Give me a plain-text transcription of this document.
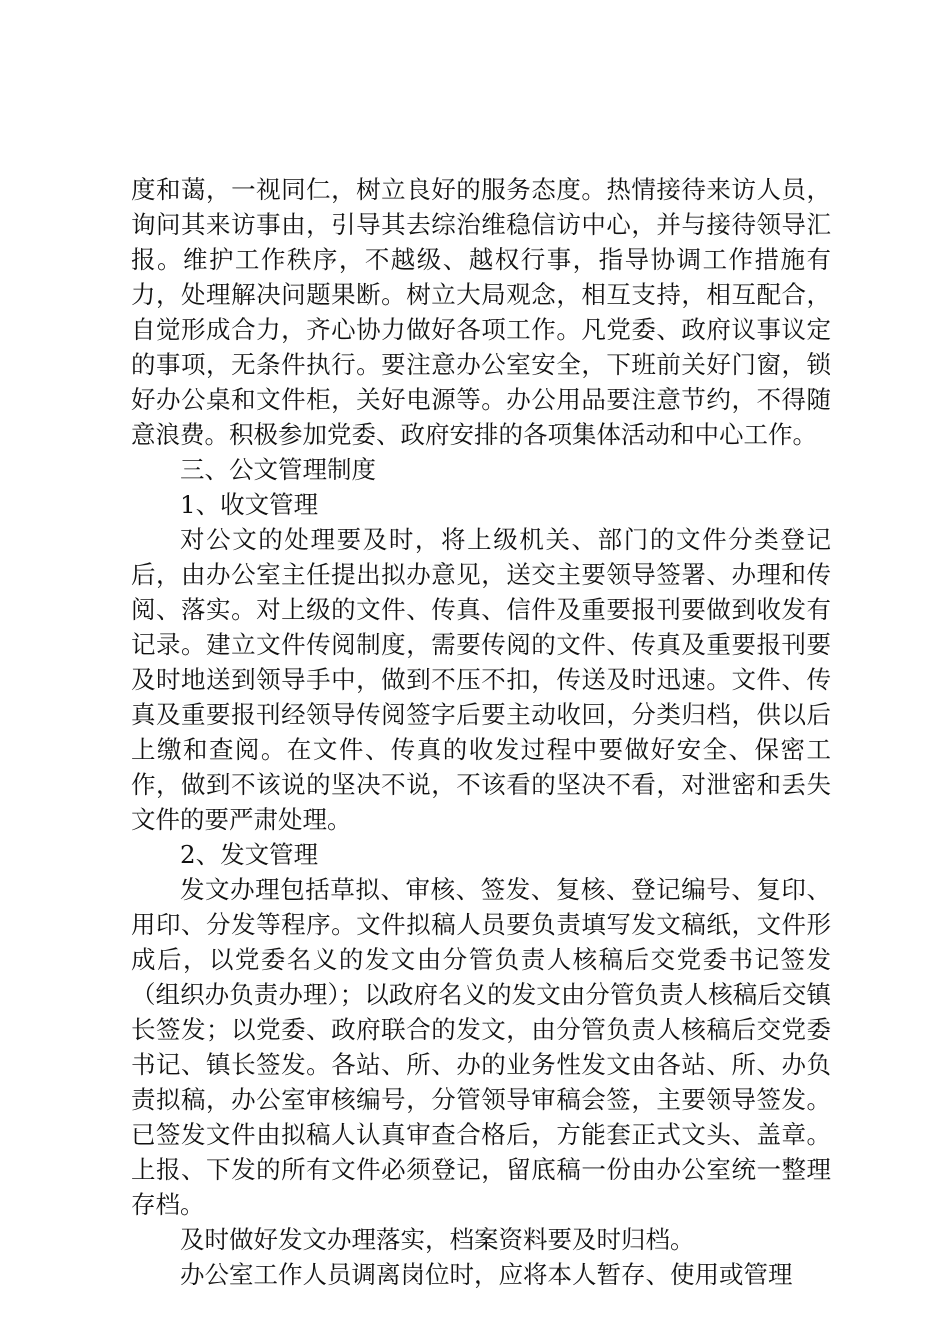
度和蔼，一视同仁，树立良好的服务态度。热情接待来访人员，询问其来访事由，引导其去综治维稳信访中心，并与接待领导汇报。维护工作秩序，不越级、越权行事，指导协调工作措施有力，处理解决问题果断。树立大局观念，相互支持，相互配合，自觉形成合力，齐心协力做好各项工作。凡党委、政府议事议定的事项，无条件执行。要注意办公室安全，下班前关好门窗，锁好办公桌和文件柜，关好电源等。办公用品要注意节约，不得随意浪费。积极参加党委、政府安排的各项集体活动和中心工作。

三、公文管理制度

1、收文管理

对公文的处理要及时，将上级机关、部门的文件分类登记后，由办公室主任提出拟办意见，送交主要领导签署、办理和传阅、落实。对上级的文件、传真、信件及重要报刊要做到收发有记录。建立文件传阅制度，需要传阅的文件、传真及重要报刊要及时地送到领导手中，做到不压不扣，传送及时迅速。文件、传真及重要报刊经领导传阅签字后要主动收回，分类归档，供以后上缴和查阅。在文件、传真的收发过程中要做好安全、保密工作，做到不该说的坚决不说，不该看的坚决不看，对泄密和丢失文件的要严肃处理。

2、发文管理

发文办理包括草拟、审核、签发、复核、登记编号、复印、用印、分发等程序。文件拟稿人员要负责填写发文稿纸，文件形成后，以党委名义的发文由分管负责人核稿后交党委书记签发（组织办负责办理）；以政府名义的发文由分管负责人核稿后交镇长签发；以党委、政府联合的发文，由分管负责人核稿后交党委书记、镇长签发。各站、所、办的业务性发文由各站、所、办负责拟稿，办公室审核编号，分管领导审稿会签，主要领导签发。已签发文件由拟稿人认真审查合格后，方能套正式文头、盖章。上报、下发的所有文件必须登记，留底稿一份由办公室统一整理存档。

及时做好发文办理落实，档案资料要及时归档。

办公室工作人员调离岗位时，应将本人暂存、使用或管理
